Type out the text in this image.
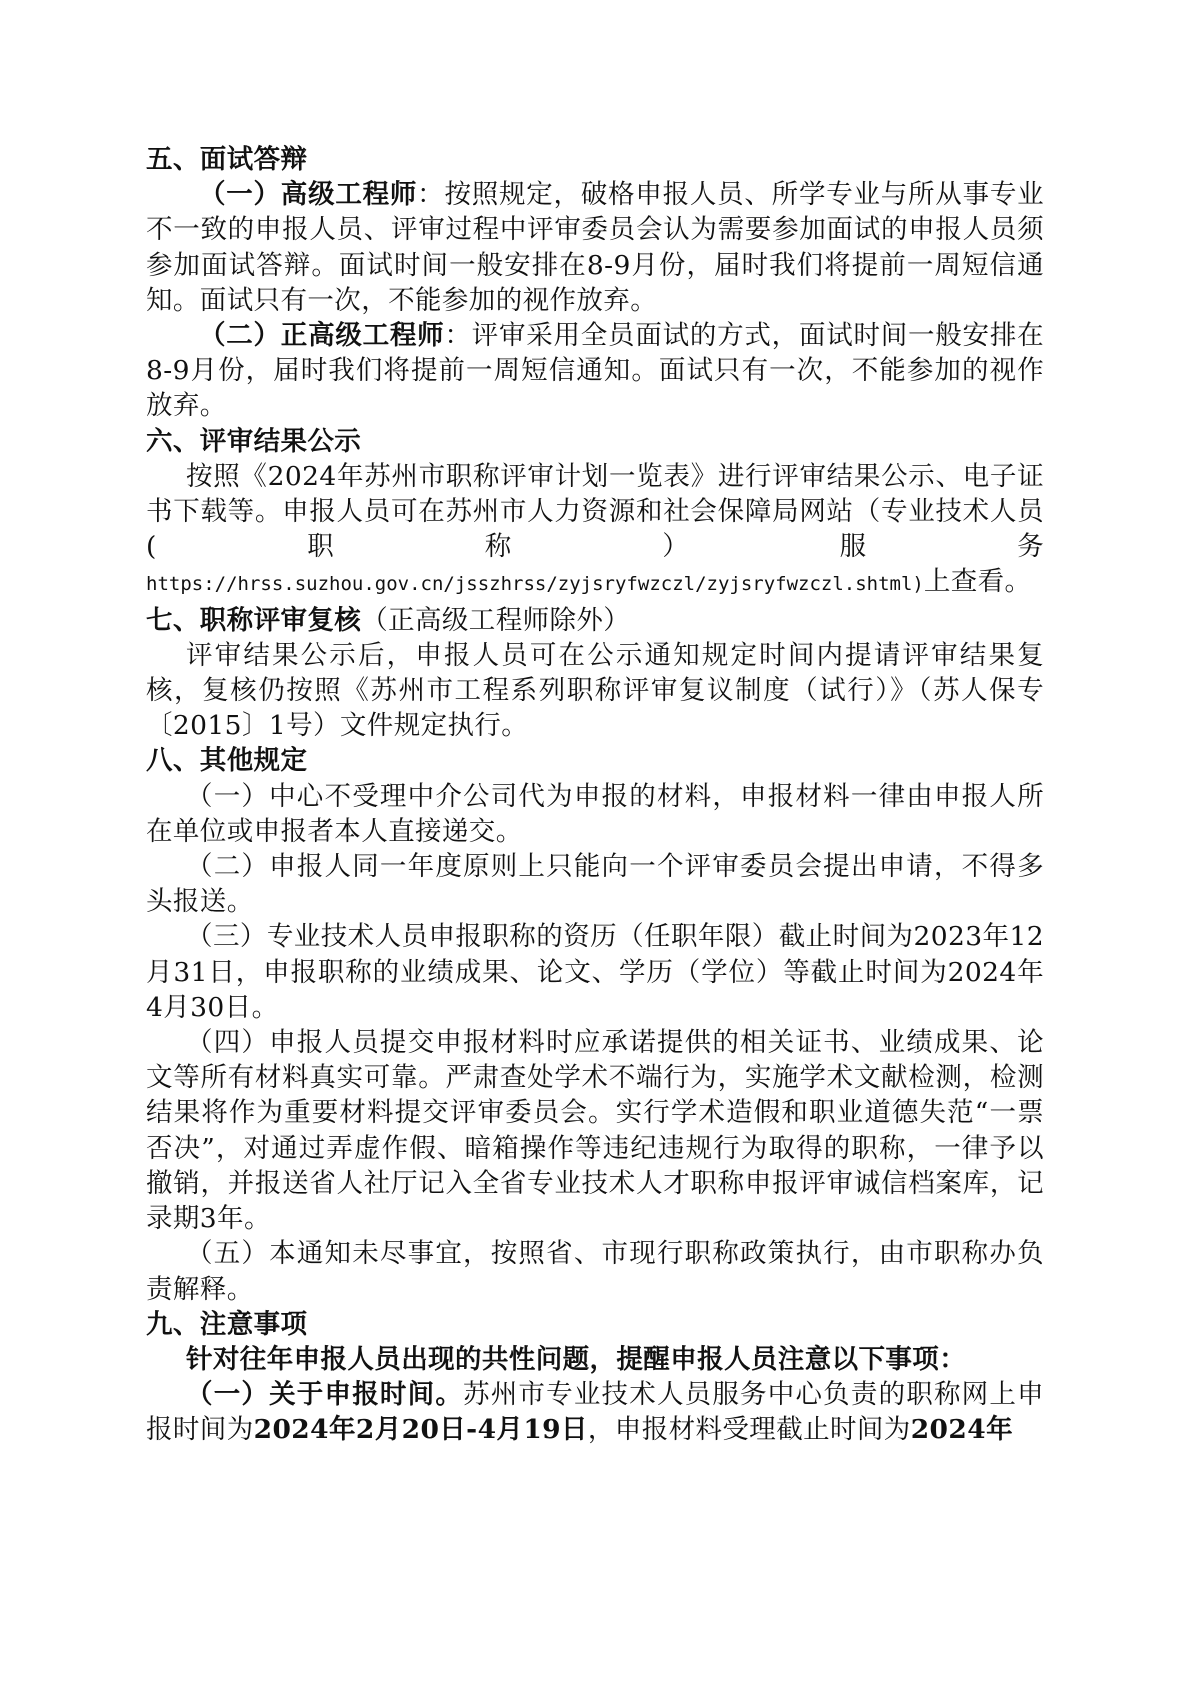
五、面试答辩

（一）高级工程师：按照规定，破格申报人员、所学专业与所从事专业不一致的申报人员、评审过程中评审委员会认为需要参加面试的申报人员须参加面试答辩。面试时间一般安排在8-9月份，届时我们将提前一周短信通知。面试只有一次，不能参加的视作放弃。

（二）正高级工程师：评审采用全员面试的方式，面试时间一般安排在8-9月份，届时我们将提前一周短信通知。面试只有一次，不能参加的视作放弃。

六、评审结果公示

按照《2024年苏州市职称评审计划一览表》进行评审结果公示、电子证书下载等。申报人员可在苏州市人力资源和社会保障局网站（专业技术人员(职称）服务https://hrss.suzhou.gov.cn/jsszhrss/zyjsryfwzczl/zyjsryfwzczl.shtml)上查看。

七、职称评审复核（正高级工程师除外）

评审结果公示后，申报人员可在公示通知规定时间内提请评审结果复核，复核仍按照《苏州市工程系列职称评审复议制度（试行）》（苏人保专〔2015〕1号）文件规定执行。

八、其他规定

（一）中心不受理中介公司代为申报的材料，申报材料一律由申报人所在单位或申报者本人直接递交。

（二）申报人同一年度原则上只能向一个评审委员会提出申请，不得多头报送。

（三）专业技术人员申报职称的资历（任职年限）截止时间为2023年12月31日，申报职称的业绩成果、论文、学历（学位）等截止时间为2024年4月30日。

（四）申报人员提交申报材料时应承诺提供的相关证书、业绩成果、论文等所有材料真实可靠。严肃查处学术不端行为，实施学术文献检测，检测结果将作为重要材料提交评审委员会。实行学术造假和职业道德失范“一票否决”，对通过弄虚作假、暗箱操作等违纪违规行为取得的职称，一律予以撤销，并报送省人社厅记入全省专业技术人才职称申报评审诚信档案库，记录期3年。

（五）本通知未尽事宜，按照省、市现行职称政策执行，由市职称办负责解释。

九、注意事项

针对往年申报人员出现的共性问题，提醒申报人员注意以下事项：

（一）关于申报时间。苏州市专业技术人员服务中心负责的职称网上申报时间为2024年2月20日-4月19日，申报材料受理截止时间为2024年
